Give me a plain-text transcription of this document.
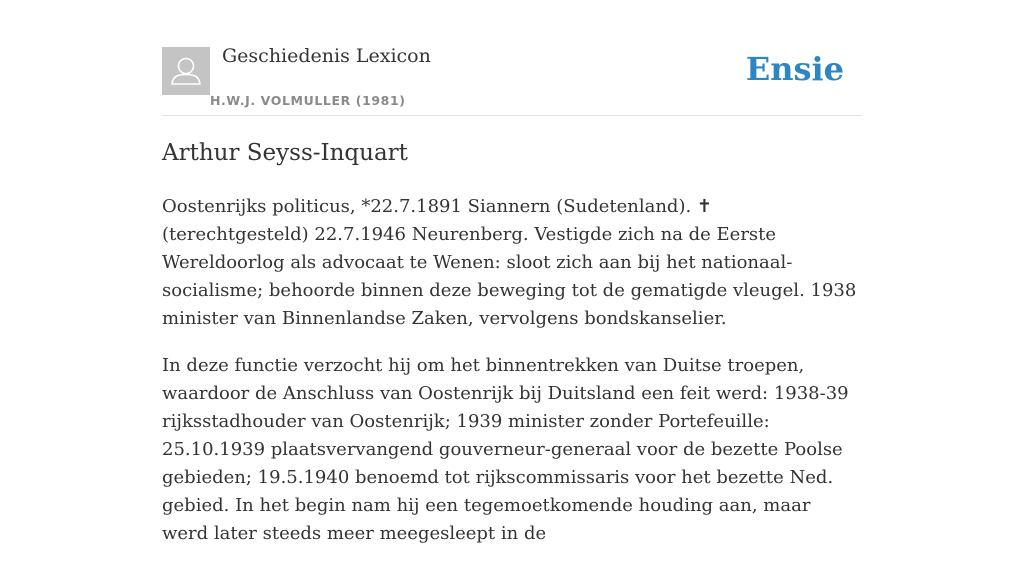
Geschiedenis Lexicon
H.W.J. VOLMULLER (1981)
Ensie
Arthur Seyss-Inquart

Oostenrijks politicus, *22.7.1891 Siannern (Sudetenland). ✝ (terechtgesteld) 22.7.1946 Neurenberg. Vestigde zich na de Eerste Wereldoorlog als advocaat te Wenen: sloot zich aan bij het nationaal-socialisme; behoorde binnen deze beweging tot de gematigde vleugel. 1938 minister van Binnenlandse Zaken, vervolgens bondskanselier.

In deze functie verzocht hij om het binnentrekken van Duitse troepen, waardoor de Anschluss van Oostenrijk bij Duitsland een feit werd: 1938-39 rijksstadhouder van Oostenrijk; 1939 minister zonder Portefeuille: 25.10.1939 plaatsvervangend gouverneur-generaal voor de bezette Poolse gebieden; 19.5.1940 benoemd tot rijkscommissaris voor het bezette Ned. gebied. In het begin nam hij een tegemoetkomende houding aan, maar werd later steeds meer meegesleept in de
